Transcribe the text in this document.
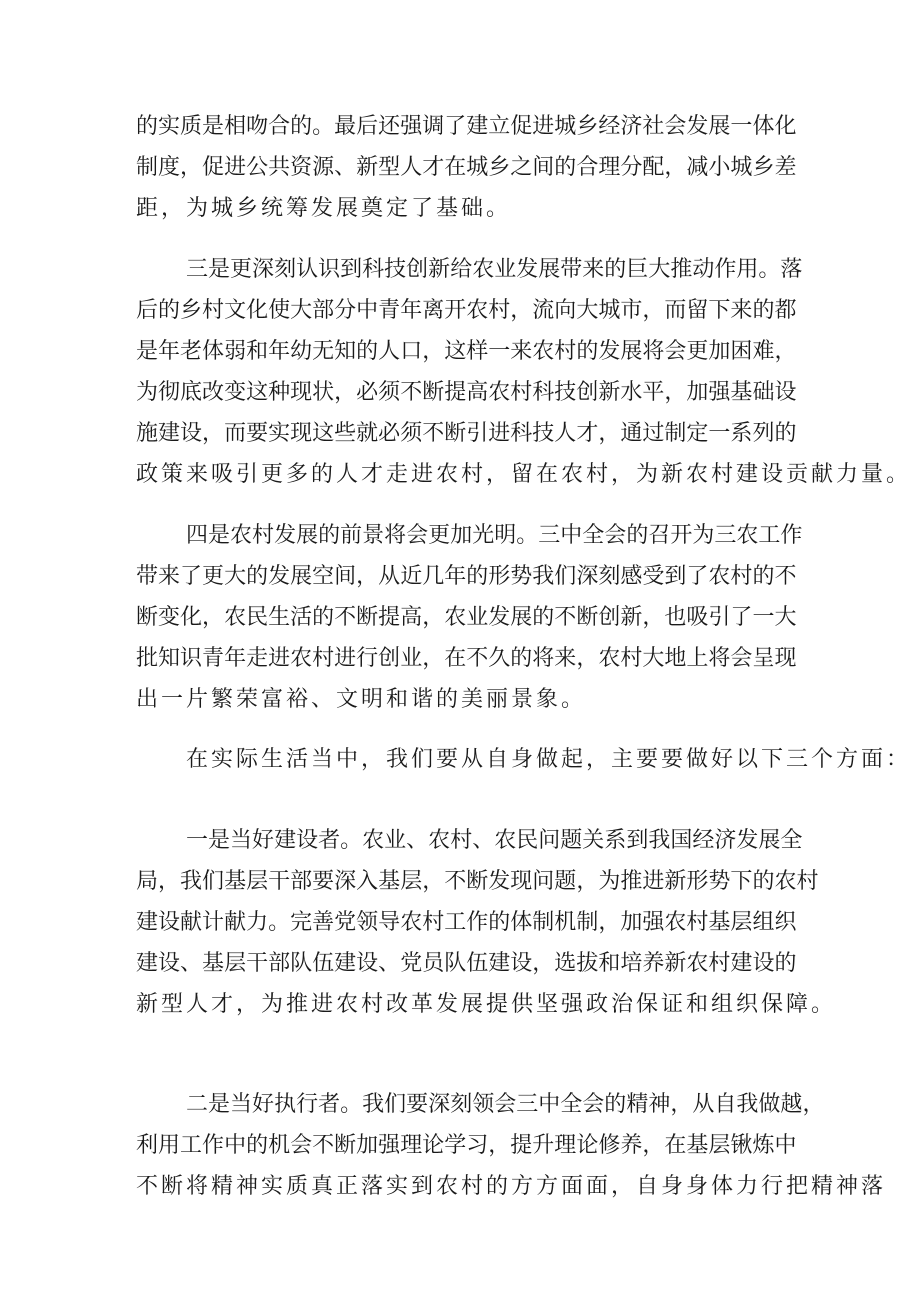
的 实 质 是 相 吻 合 的 。 最 后 还 强 调 了 建 立 促 进 城 乡 经 济 社 会 发 展 一 体 化
制 度 ， 促 进 公 共 资 源 、 新 型 人 才 在 城 乡 之 间 的 合 理 分 配 ， 减 小 城 乡 差
距，为城乡统筹发展奠定了基础。
三 是 更 深 刻 认 识 到 科 技 创 新 给 农 业 发 展 带 来 的 巨 大 推 动 作 用 。 落
后 的 乡 村 文 化 使 大 部 分 中 青 年 离 开 农 村 ， 流 向 大 城 市 ， 而 留 下 来 的 都
是 年 老 体 弱 和 年 幼 无 知 的 人 口 ， 这 样 一 来 农 村 的 发 展 将 会 更 加 困 难 ，
为 彻 底 改 变 这 种 现 状 ， 必 须 不 断 提 高 农 村 科 技 创 新 水 平 ， 加 强 基 础 设
施 建 设 ， 而 要 实 现 这 些 就 必 须 不 断 引 进 科 技 人 才 ， 通 过 制 定 一 系 列 的
政策来吸引更多的人才走进农村，留在农村，为新农村建设贡献力量。
四 是 农 村 发 展 的 前 景 将 会 更 加 光 明 。 三 中 全 会 的 召 开 为 三 农 工 作
带 来 了 更 大 的 发 展 空 间 ， 从 近 几 年 的 形 势 我 们 深 刻 感 受 到 了 农 村 的 不
断 变 化 ， 农 民 生 活 的 不 断 提 高 ， 农 业 发 展 的 不 断 创 新 ， 也 吸 引 了 一 大
批 知 识 青 年 走 进 农 村 进 行 创 业 ， 在 不 久 的 将 来 ， 农 村 大 地 上 将 会 呈 现
出一片繁荣富裕、文明和谐的美丽景象。
在实际生活当中，我们要从自身做起，主要要做好以下三个方面：
一 是 当 好 建 设 者 。 农 业 、 农 村 、 农 民 问 题 关 系 到 我 国 经 济 发 展 全
局 ， 我 们 基 层 干 部 要 深 入 基 层 ， 不 断 发 现 问 题 ， 为 推 进 新 形 势 下 的 农 村
建 设 献 计 献 力 。 完 善 党 领 导 农 村 工 作 的 体 制 机 制 ， 加 强 农 村 基 层 组 织
建 设 、 基 层 干 部 队 伍 建 设 、 党 员 队 伍 建 设 ， 选 拔 和 培 养 新 农 村 建 设 的
新型人才，为推进农村改革发展提供坚强政治保证和组织保障。
二 是 当 好 执 行 者 。 我 们 要 深 刻 领 会 三 中 全 会 的 精 神 ， 从 自 我 做 越 ，
利 用 工 作 中 的 机 会 不 断 加 强 理 论 学 习 ， 提 升 理 论 修 养 ， 在 基 层 锹 炼 中
不断将精神实质真正落实到农村的方方面面，自身身体力行把精神落
